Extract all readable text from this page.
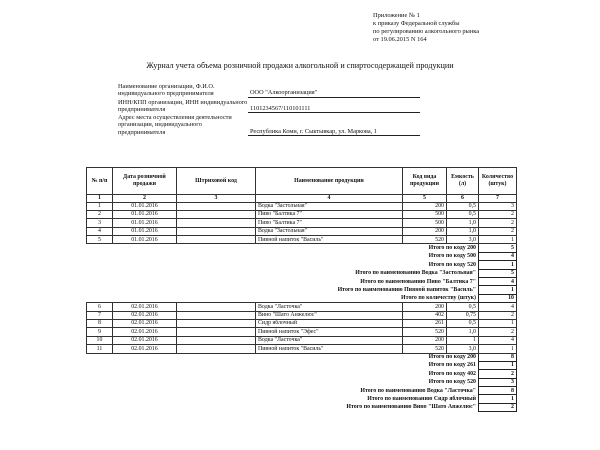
Приложение № 1
к приказу Федеральной службы
по регулированию алкогольного рынка
от 19.06.2015 N 164
Журнал учета объема розничной продажи алкогольной и спиртосодержащей продукции
Наименование организации, Ф.И.О. индивидуального предпринимателя	ООО "Алкоорганизация"
ИНН/КПП организации, ИНН индивидуального предпринимателя	1101234567/110101111
Адрес места осуществления деятельности организации, индивидуального предпринимателя	Республика Коми, г. Сыктывкар, ул. Маркова, 1
№ п/п	Дата розничной продажи	Штриховой код	Наименование продукции	Код вида продукции	Емкость (л)	Количество (штук)
1	2	3	4	5	6	7
1	01.01.2016		Водка "Застольная"	200	0,5	3
2	01.01.2016		Пиво "Балтика 7"	500	0,5	2
3	01.01.2016		Пиво "Балтика 7"	500	1,0	2
4	01.01.2016		Водка "Застольная"	200	1,0	2
5	01.01.2016		Пивной напиток "Василь"	520	3,0	1
Итого по коду 200						5
Итого по коду 500						4
Итого по коду 520						1
Итого по наименованию Водка "Застольная"						5
Итого по наименованию Пиво "Балтика 7"						4
Итого по наименованию Пивной напиток "Василь"						1
Итого по количеству (штук)						10
6	02.01.2016		Водка "Ласточка"	200	0,5	4
7	02.01.2016		Вино "Шато Анжелюс"	402	0,75	2
8	02.01.2016		Сидр яблочный	261	0,5	1
9	02.01.2016		Пивной напиток "Эфес"	520	1,0	2
10	02.01.2016		Водка "Ласточка"	200	1	4
11	02.01.2016		Пивной напиток "Василь"	520	3,0	1
Итого по коду 200						8
Итого по коду 261						1
Итого по коду 402						2
Итого по коду 520						3
Итого по наименованию Водка "Ласточка"						8
Итого по наименованию Сидр яблочный						1
Итого по наименованию Вино "Шато Анжелюс"						2
